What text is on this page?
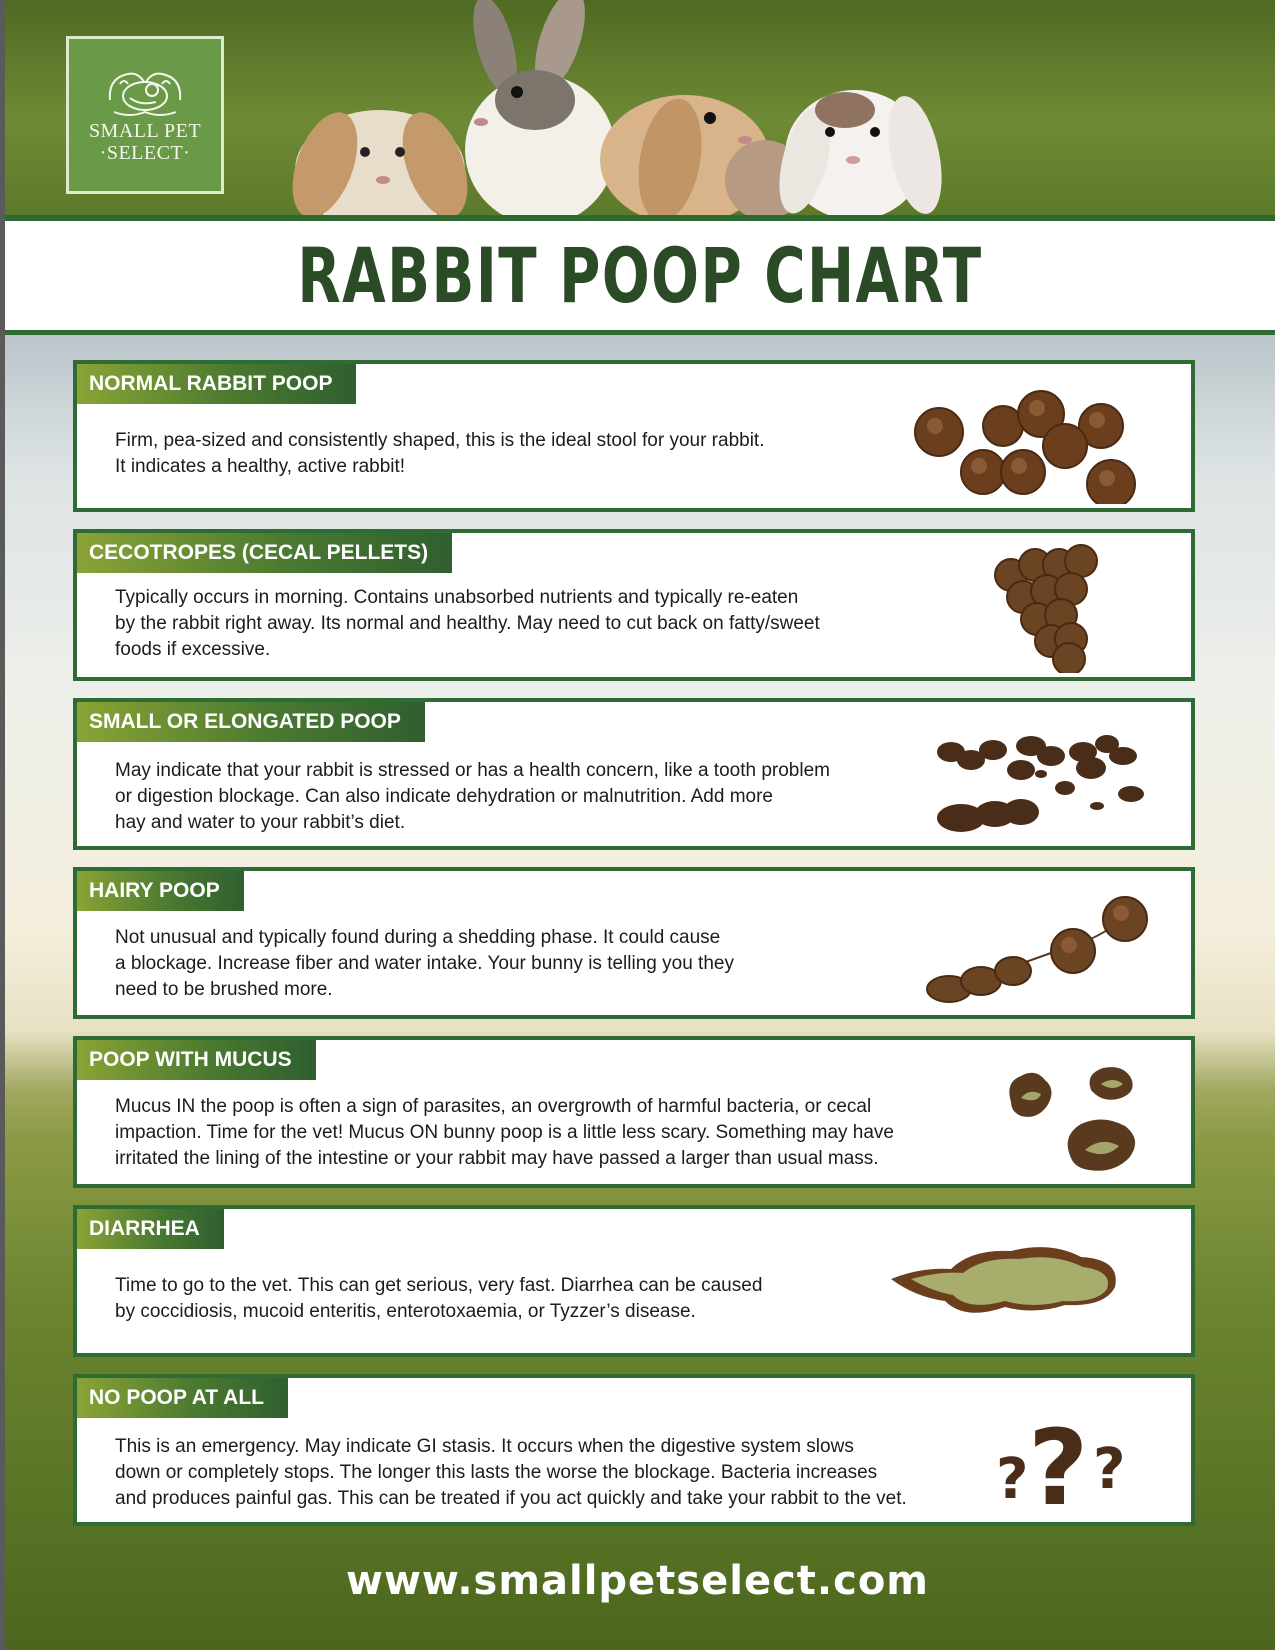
SMALL PET
·SELECT·
RABBIT POOP CHART
NORMAL RABBIT POOP
Firm, pea-sized and consistently shaped, this is the ideal stool for your rabbit.
It indicates a healthy, active rabbit!
CECOTROPES (CECAL PELLETS)
Typically occurs in morning. Contains unabsorbed nutrients and typically re-eaten
by the rabbit right away. Its normal and healthy. May need to cut back on fatty/sweet
foods if excessive.
SMALL OR ELONGATED POOP
May indicate that your rabbit is stressed or has a health concern, like a tooth problem
or digestion blockage. Can also indicate dehydration or malnutrition. Add more
hay and water to your rabbit’s diet.
HAIRY POOP
Not unusual and typically found during a shedding phase. It could cause
a blockage. Increase fiber and water intake. Your bunny is telling you they
need to be brushed more.
POOP WITH MUCUS
Mucus IN the poop is often a sign of parasites, an overgrowth of harmful bacteria, or cecal
impaction. Time for the vet! Mucus ON bunny poop is a little less scary. Something may have
irritated the lining of the intestine or your rabbit may have passed a larger than usual mass.
DIARRHEA
Time to go to the vet. This can get serious, very fast. Diarrhea can be caused
by coccidiosis, mucoid enteritis, enterotoxaemia, or Tyzzer’s disease.
NO POOP AT ALL
This is an emergency. May indicate GI stasis. It occurs when the digestive system slows
down or completely stops. The longer this lasts the worse the blockage. Bacteria increases
and produces painful gas. This can be treated if you act quickly and take your rabbit to the vet.	? ? ?
www.smallpetselect.com
